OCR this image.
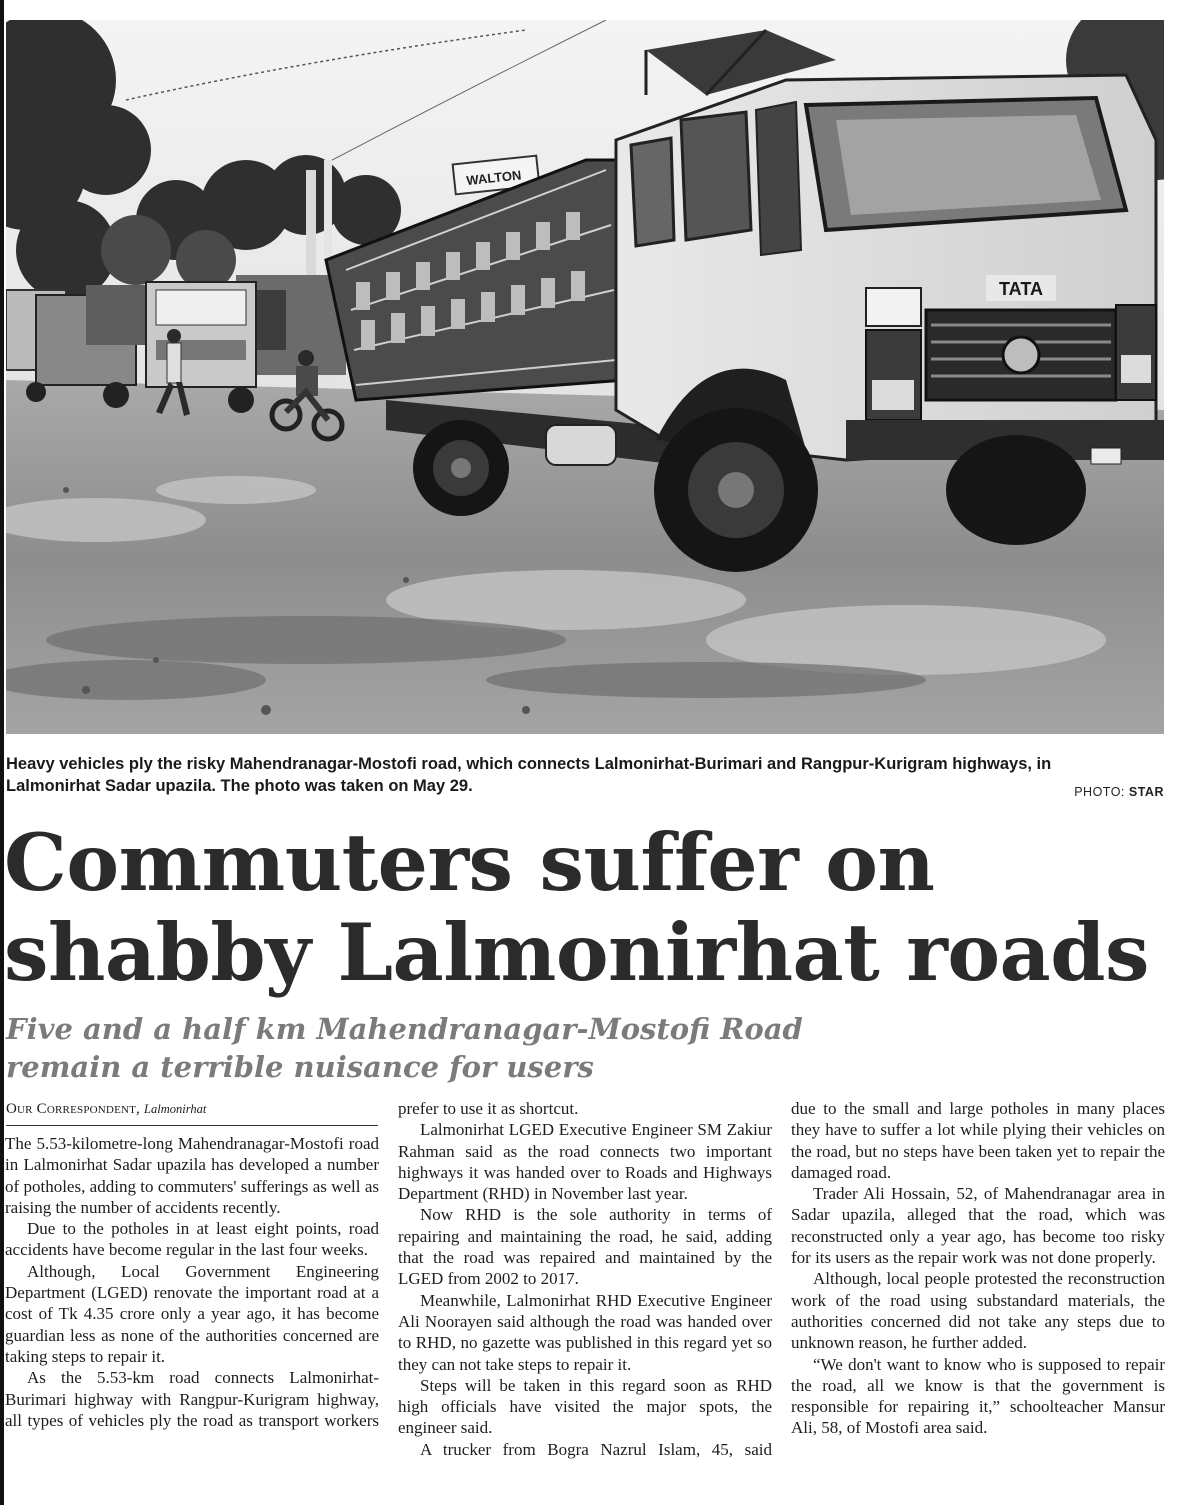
WALTON
TATA
Heavy vehicles ply the risky Mahendranagar-Mostofi road, which connects Lalmonirhat-Burimari and Rangpur-Kurigram highways, in Lalmonirhat Sadar upazila. The photo was taken on May 29.	PHOTO: STAR
Commuters suffer on shabby Lalmonirhat roads
Five and a half km Mahendranagar-Mostofi Road remain a terrible nuisance for users
Our Correspondent, Lalmonirhat

The 5.53-kilometre-long Mahendranagar-Mostofi road in Lalmonirhat Sadar upazila has developed a number of potholes, adding to commuters' sufferings as well as raising the number of accidents recently.

Due to the potholes in at least eight points, road accidents have become regular in the last four weeks.

Although, Local Government Engineering Department (LGED) renovate the important road at a cost of Tk 4.35 crore only a year ago, it has become guardian less as none of the authorities concerned are taking steps to repair it.

As the 5.53-km road connects Lalmonirhat-Burimari highway with Rangpur-Kurigram highway, all types of vehicles ply the road as transport workers

prefer to use it as shortcut.

Lalmonirhat LGED Executive Engineer SM Zakiur Rahman said as the road connects two important highways it was handed over to Roads and Highways Department (RHD) in November last year.

Now RHD is the sole authority in terms of repairing and maintaining the road, he said, adding that the road was repaired and maintained by the LGED from 2002 to 2017.

Meanwhile, Lalmonirhat RHD Executive Engineer Ali Noorayen said although the road was handed over to RHD, no gazette was published in this regard yet so they can not take steps to repair it.

Steps will be taken in this regard soon as RHD high officials have visited the major spots, the engineer said.

A trucker from Bogra Nazrul Islam, 45, said

due to the small and large potholes in many places they have to suffer a lot while plying their vehicles on the road, but no steps have been taken yet to repair the damaged road.

Trader Ali Hossain, 52, of Mahendranagar area in Sadar upazila, alleged that the road, which was reconstructed only a year ago, has become too risky for its users as the repair work was not done properly.

Although, local people protested the reconstruction work of the road using substandard materials, the authorities concerned did not take any steps due to unknown reason, he further added.

“We don't want to know who is supposed to repair the road, all we know is that the government is responsible for repairing it,” schoolteacher Mansur Ali, 58, of Mostofi area said.
